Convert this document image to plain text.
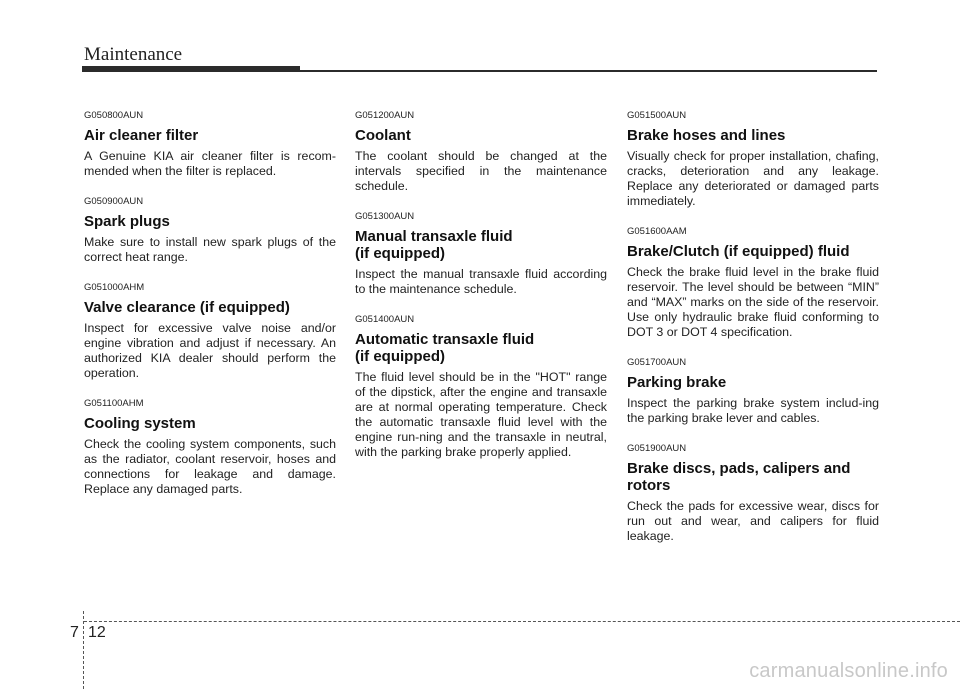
Maintenance
G050800AUN
Air cleaner filter

A Genuine KIA air cleaner filter is recom-mended when the filter is replaced.

G050900AUN
Spark plugs

Make sure to install new spark plugs of the correct heat range.

G051000AHM
Valve clearance (if equipped)

Inspect for excessive valve noise and/or engine vibration and adjust if necessary. An authorized KIA dealer should perform the operation.

G051100AHM
Cooling system

Check the cooling system components, such as the radiator, coolant reservoir, hoses and connections for leakage and damage. Replace any damaged parts.

G051200AUN
Coolant

The coolant should be changed at the intervals specified in the maintenance schedule.

G051300AUN
Manual transaxle fluid
(if equipped)

Inspect the manual transaxle fluid according to the maintenance schedule.

G051400AUN
Automatic transaxle fluid
(if equipped)

The fluid level should be in the "HOT" range of the dipstick, after the engine and transaxle are at normal operating temperature. Check the automatic transaxle fluid level with the engine run-ning and the transaxle in neutral, with the parking brake properly applied.

G051500AUN
Brake hoses and lines

Visually check for proper installation, chafing, cracks, deterioration and any leakage. Replace any deteriorated or damaged parts immediately.

G051600AAM
Brake/Clutch (if equipped) fluid

Check the brake fluid level in the brake fluid reservoir. The level should be between “MIN” and “MAX” marks on the side of the reservoir. Use only hydraulic brake fluid conforming to DOT 3 or DOT 4 specification.

G051700AUN
Parking brake

Inspect the parking brake system includ-ing the parking brake lever and cables.

G051900AUN
Brake discs, pads, calipers and rotors

Check the pads for excessive wear, discs for run out and wear, and calipers for fluid leakage.

7 12
carmanualsonline.info
